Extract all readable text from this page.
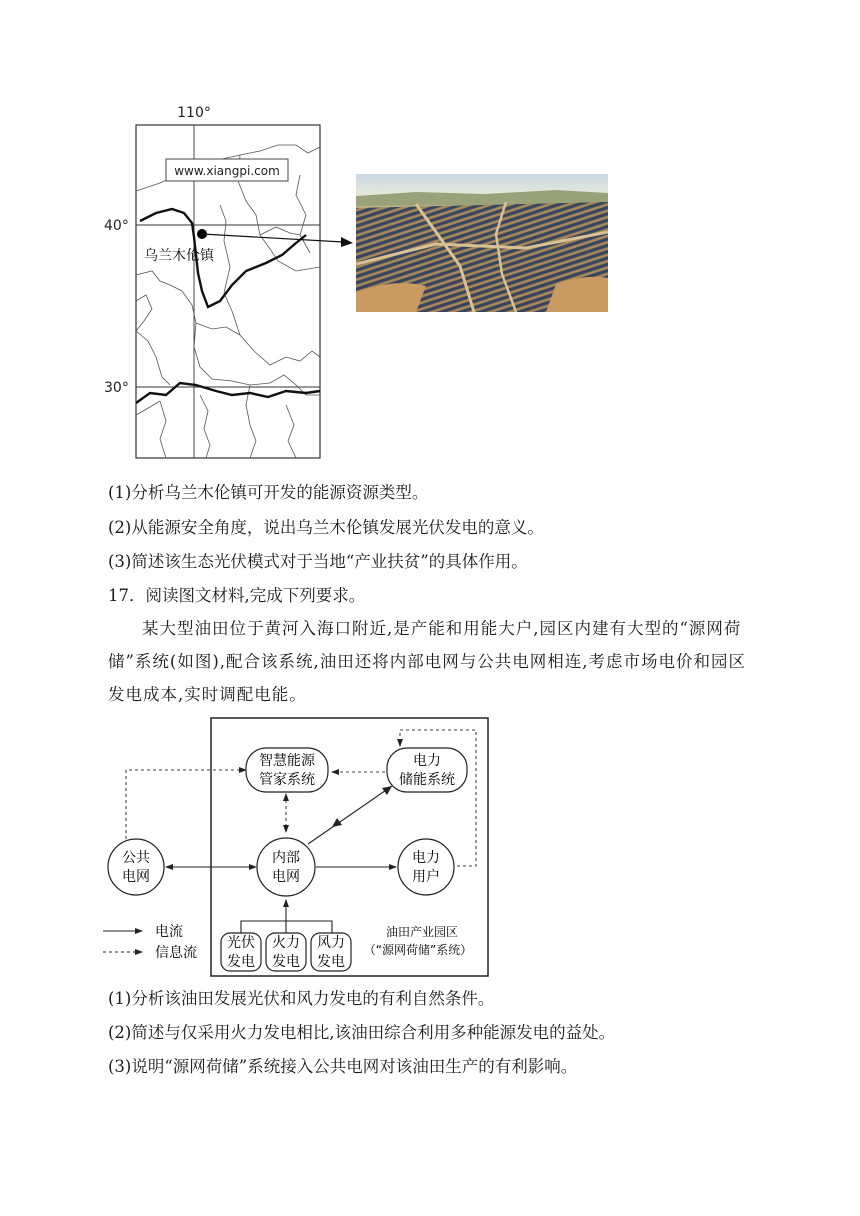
www.xiangpi.com
110°
40°
30°
乌兰木伦镇
(1)分析乌兰木伦镇可开发的能源资源类型。
(2)从能源安全角度，说出乌兰木伦镇发展光伏发电的意义。
(3)简述该生态光伏模式对于当地“产业扶贫”的具体作用。
17．阅读图文材料,完成下列要求。
某大型油田位于黄河入海口附近,是产能和用能大户,园区内建有大型的“源网荷储”系统(如图),配合该系统,油田还将内部电网与公共电网相连,考虑市场电价和园区发电成本,实时调配电能。
智慧能源
管家系统
电力
储能系统
公共
电网
内部
电网
电力
用户
光伏
发电
火力
发电
风力
发电
油田产业园区
（“源网荷储”系统）
电流
信息流
(1)分析该油田发展光伏和风力发电的有利自然条件。
(2)简述与仅采用火力发电相比,该油田综合利用多种能源发电的益处。
(3)说明“源网荷储”系统接入公共电网对该油田生产的有利影响。
